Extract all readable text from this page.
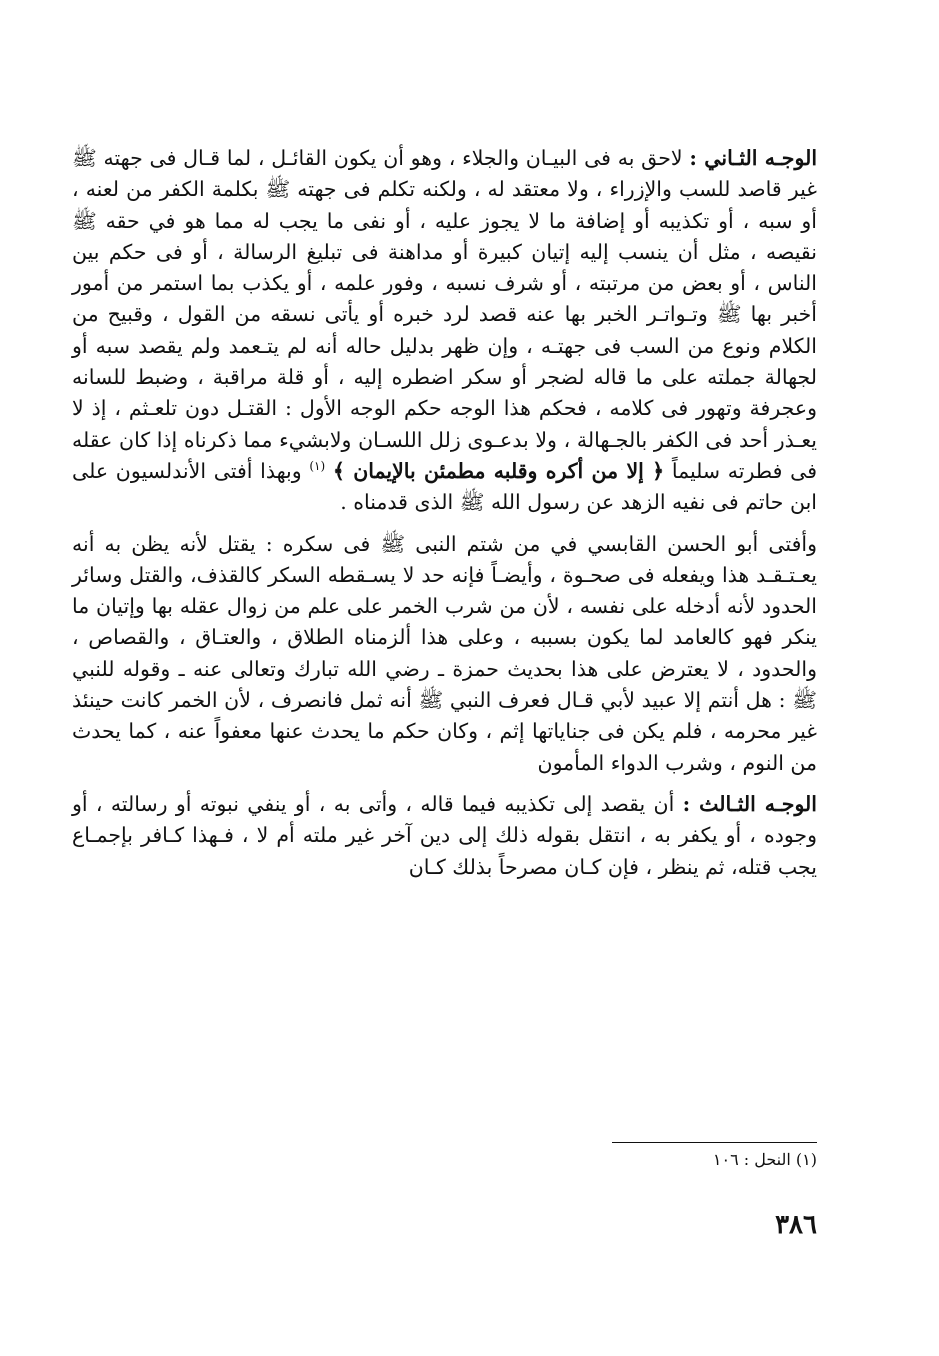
الوجـه الثـاني : لاحق به فى البيـان والجلاء ، وهو أن يكون القائـل ، لما قـال فى جهته ﷺ غير قاصد للسب والإزراء ، ولا معتقد له ، ولكنه تكلم فى جهته ﷺ بكلمة الكفر من لعنه ، أو سبه ، أو تكذيبه أو إضافة ما لا يجوز عليه ، أو نفى ما يجب له مما هو في حقه ﷺ نقيصه ، مثل أن ينسب إليه إتيان كبيرة أو مداهنة فى تبليغ الرسالة ، أو فى حكم بين الناس ، أو بعض من مرتبته ، أو شرف نسبه ، وفور علمه ، أو يكذب بما استمر من أمور أخبر بها ﷺ وتـواتـر الخبر بها عنه قصد لرد خبره أو يأتى نسقه من القول ، وقبيح من الكلام ونوع من السب فى جهتـه ، وإن ظهر بدليل حاله أنه لم يتـعمد ولم يقصد سبه أو لجهالة جملته على ما قاله لضجر أو سكر اضطره إليه ، أو قلة مراقبة ، وضبط للسانه وعجرفة وتهور فى كلامه ، فحكم هذا الوجه حكم الوجه الأول : القتـل دون تلعـثم ، إذ لا يعـذر أحد فى الكفر بالجـهالة ، ولا بدعـوى زلل اللسـان ولابشيء مما ذكرناه إذا كان عقله فى فطرته سليماً ﴿ إلا من أكره وقلبه مطمئن بالإيمان ﴾ $^{(١)}$ وبهذا أفتى الأندلسيون على ابن حاتم فى نفيه الزهد عن رسول الله ﷺ الذى قدمناه .

وأفتى أبو الحسن القابسي في من شتم النبى ﷺ فى سكره : يقتل لأنه يظن به أنه يعـتـقـد هذا ويفعله فى صحـوة ، وأيضـاً فإنه حد لا يسـقطه السكر كالقذف، والقتل وسائر الحدود لأنه أدخله على نفسه ، لأن من شرب الخمر على علم من زوال عقله بها وإتيان ما ينكر فهو كالعامد لما يكون بسببه ، وعلى هذا ألزمناه الطلاق ، والعتـاق ، والقصاص ، والحدود ، لا يعترض على هذا بحديث حمزة ـ رضي الله تبارك وتعالى عنه ـ وقوله للنبي ﷺ : هل أنتم إلا عبيد لأبي قـال فعرف النبي ﷺ أنه ثمل فانصرف ، لأن الخمر كانت حينئذ غير محرمه ، فلم يكن فى جناياتها إثم ، وكان حكم ما يحدث عنها معفواً عنه ، كما يحدث من النوم ، وشرب الدواء المأمون

الوجـه الثـالث : أن يقصد إلى تكذيبه فيما قاله ، وأتى به ، أو ينفي نبوته أو رسالته ، أو وجوده ، أو يكفر به ، انتقل بقوله ذلك إلى دين آخر غير ملته أم لا ، فـهذا كـافر بإجمـاع يجب قتله، ثم ينظر ، فإن كـان مصرحاً بذلك كـان

(١) النحل : ١٠٦
٣٨٦
